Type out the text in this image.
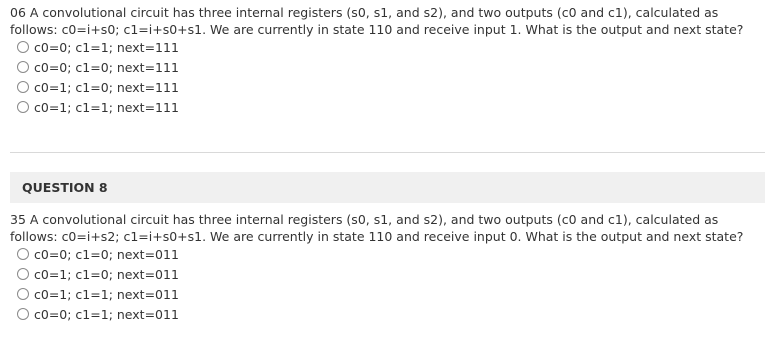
06 A convolutional circuit has three internal registers (s0, s1, and s2), and two outputs (c0 and c1), calculated as follows: c0=i+s0; c1=i+s0+s1. We are currently in state 110 and receive input 1. What is the output and next state?
c0=0; c1=1; next=111
c0=0; c1=0; next=111
c0=1; c1=0; next=111
c0=1; c1=1; next=111
QUESTION 8
35 A convolutional circuit has three internal registers (s0, s1, and s2), and two outputs (c0 and c1), calculated as follows: c0=i+s2; c1=i+s0+s1. We are currently in state 110 and receive input 0. What is the output and next state?
c0=0; c1=0; next=011
c0=1; c1=0; next=011
c0=1; c1=1; next=011
c0=0; c1=1; next=011
